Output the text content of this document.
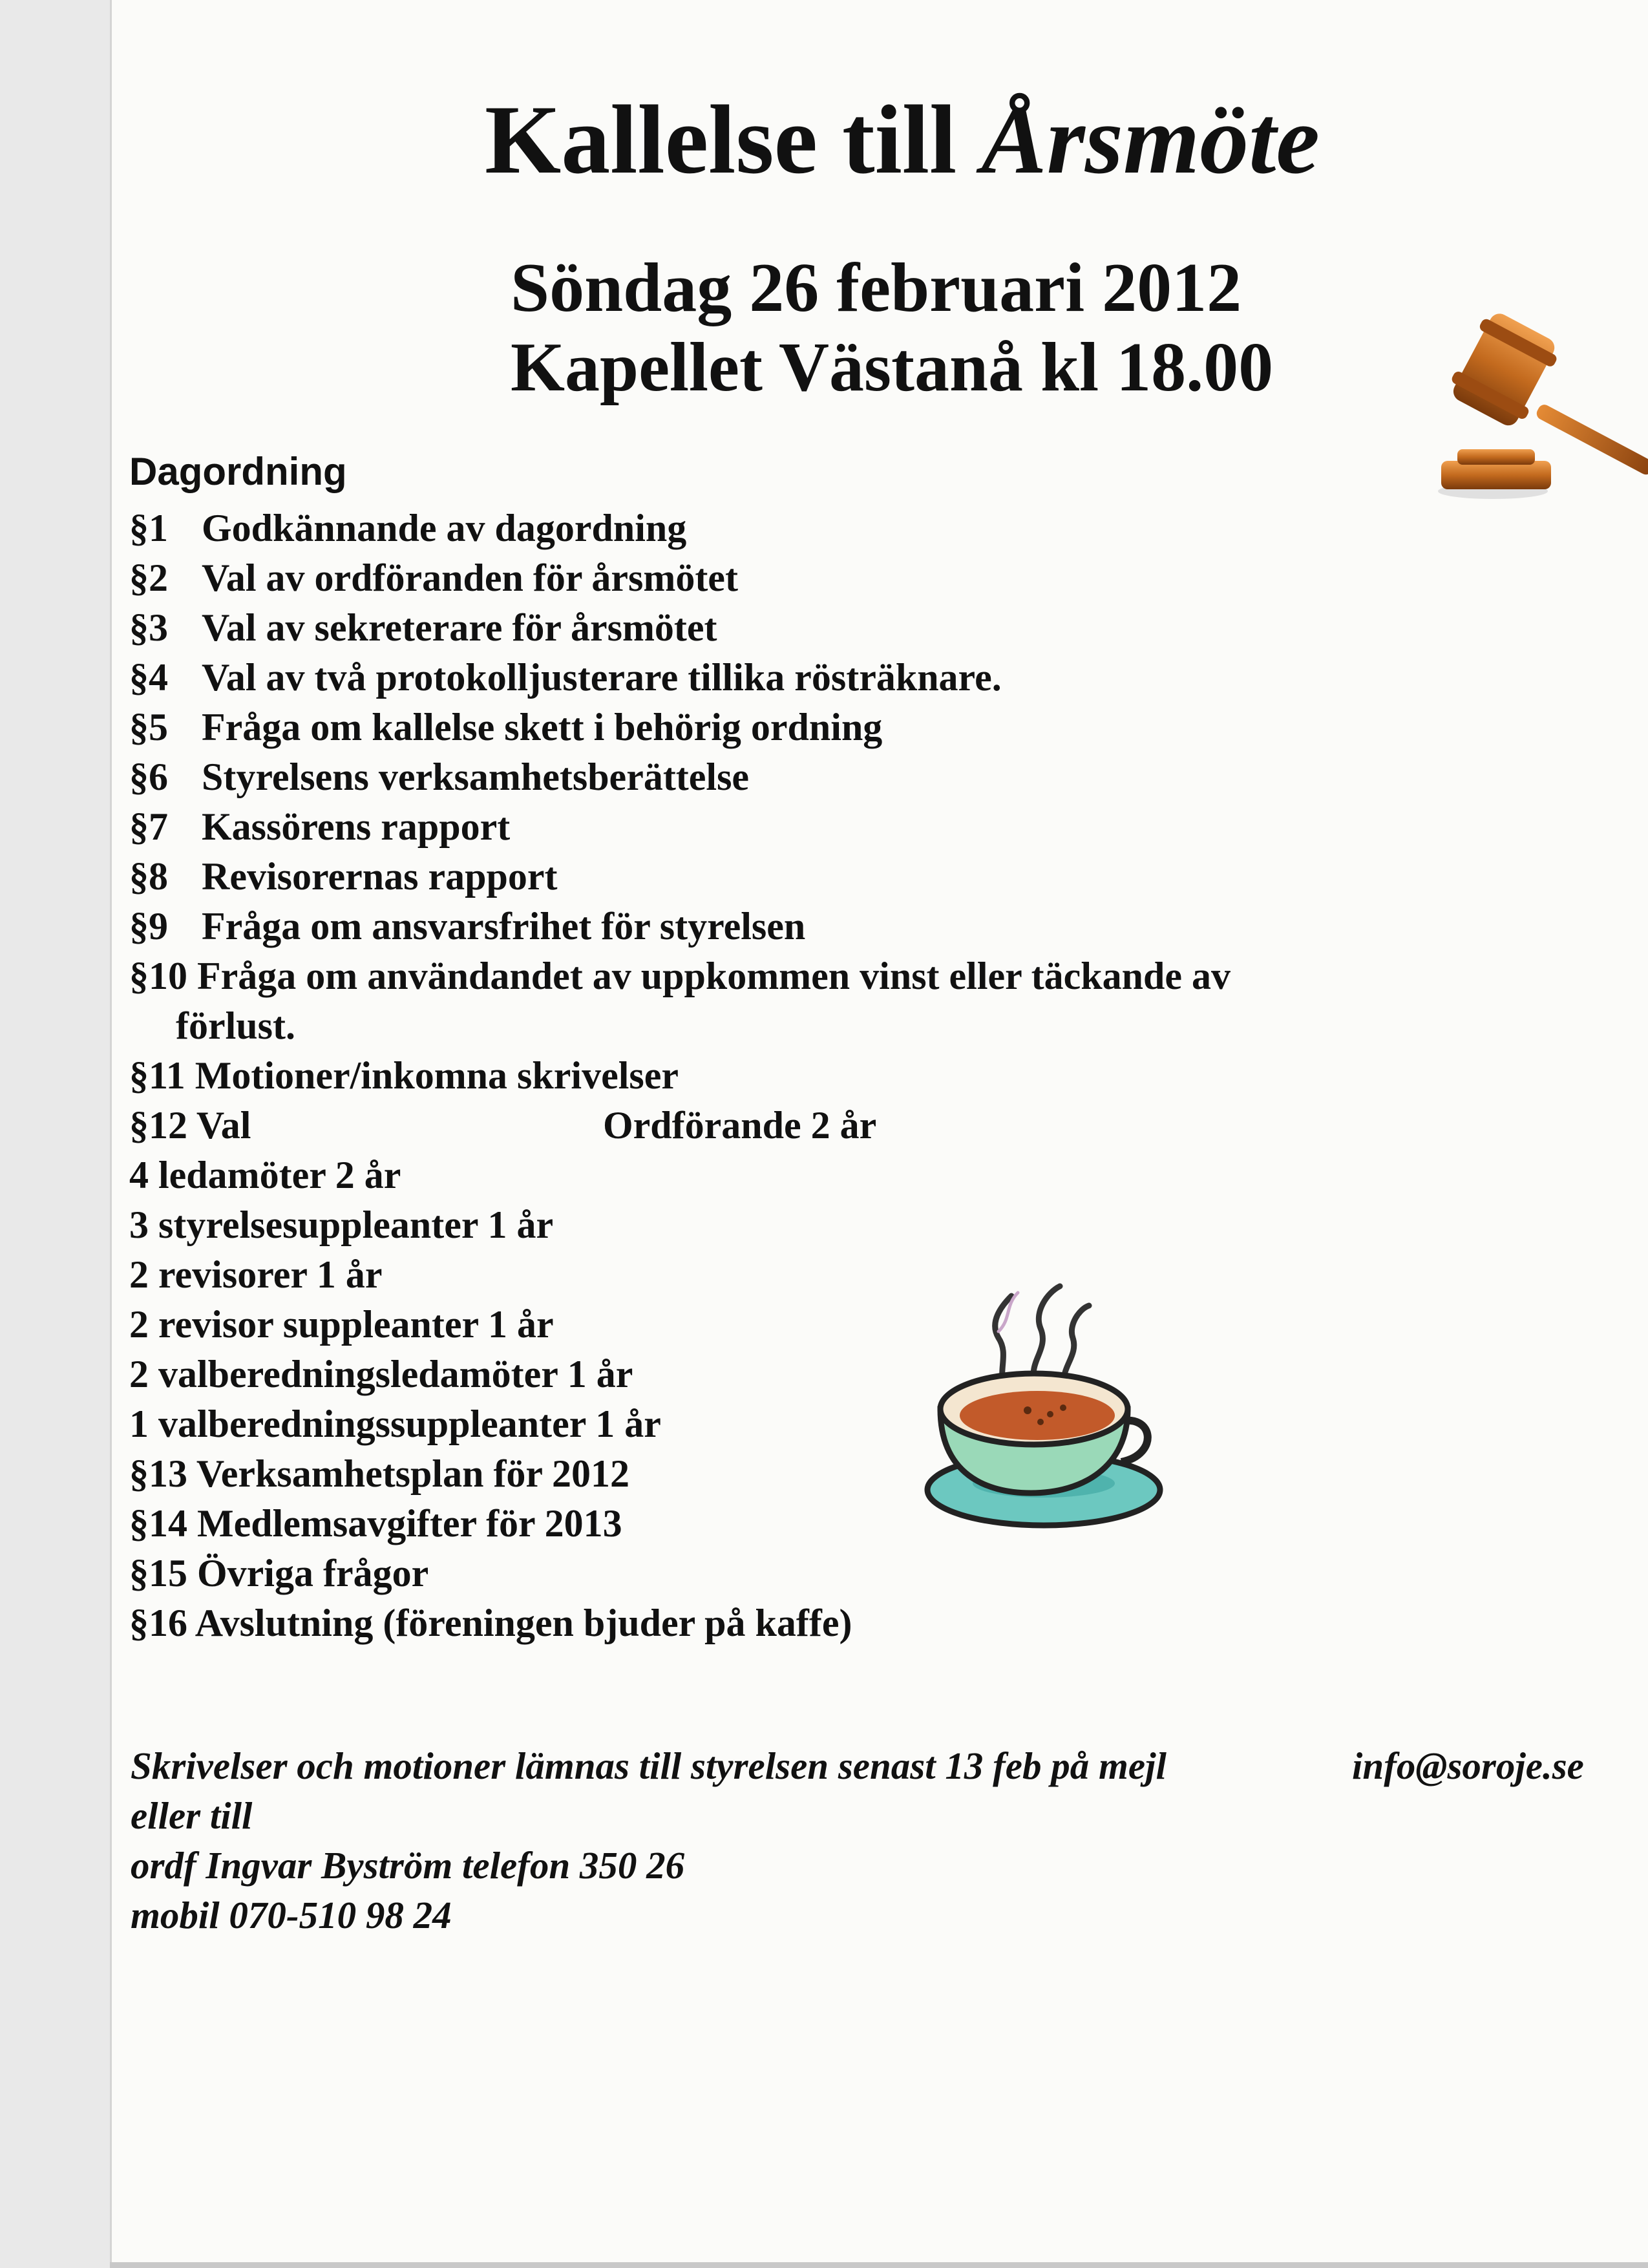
Kallelse till Årsmöte
Söndag 26 februari 2012
Kapellet Västanå kl 18.00
Dagordning
§1 Godkännande av dagordning
§2 Val av ordföranden för årsmötet
§3 Val av sekreterare för årsmötet
§4 Val av två protokolljusterare tillika rösträknare.
§5 Fråga om kallelse skett i behörig ordning
§6 Styrelsens verksamhetsberättelse
§7 Kassörens rapport
§8 Revisorernas rapport
§9 Fråga om ansvarsfrihet för styrelsen
§10 Fråga om användandet av uppkommen vinst eller täckande av
förlust.
§11 Motioner/inkomna skrivelser
§12 Val	Ordförande 2 år
4 ledamöter 2 år
3 styrelsesuppleanter 1 år
2 revisorer 1 år
2 revisor suppleanter 1 år
2 valberedningsledamöter 1 år
1 valberedningssuppleanter 1 år
§13 Verksamhetsplan för 2012
§14 Medlemsavgifter för 2013
§15 Övriga frågor
§16 Avslutning (föreningen bjuder på kaffe)
Skrivelser och motioner lämnas till styrelsen senast 13 feb på mejl	info@soroje.se
eller till
ordf Ingvar Byström telefon 350 26
mobil 070-510 98 24
